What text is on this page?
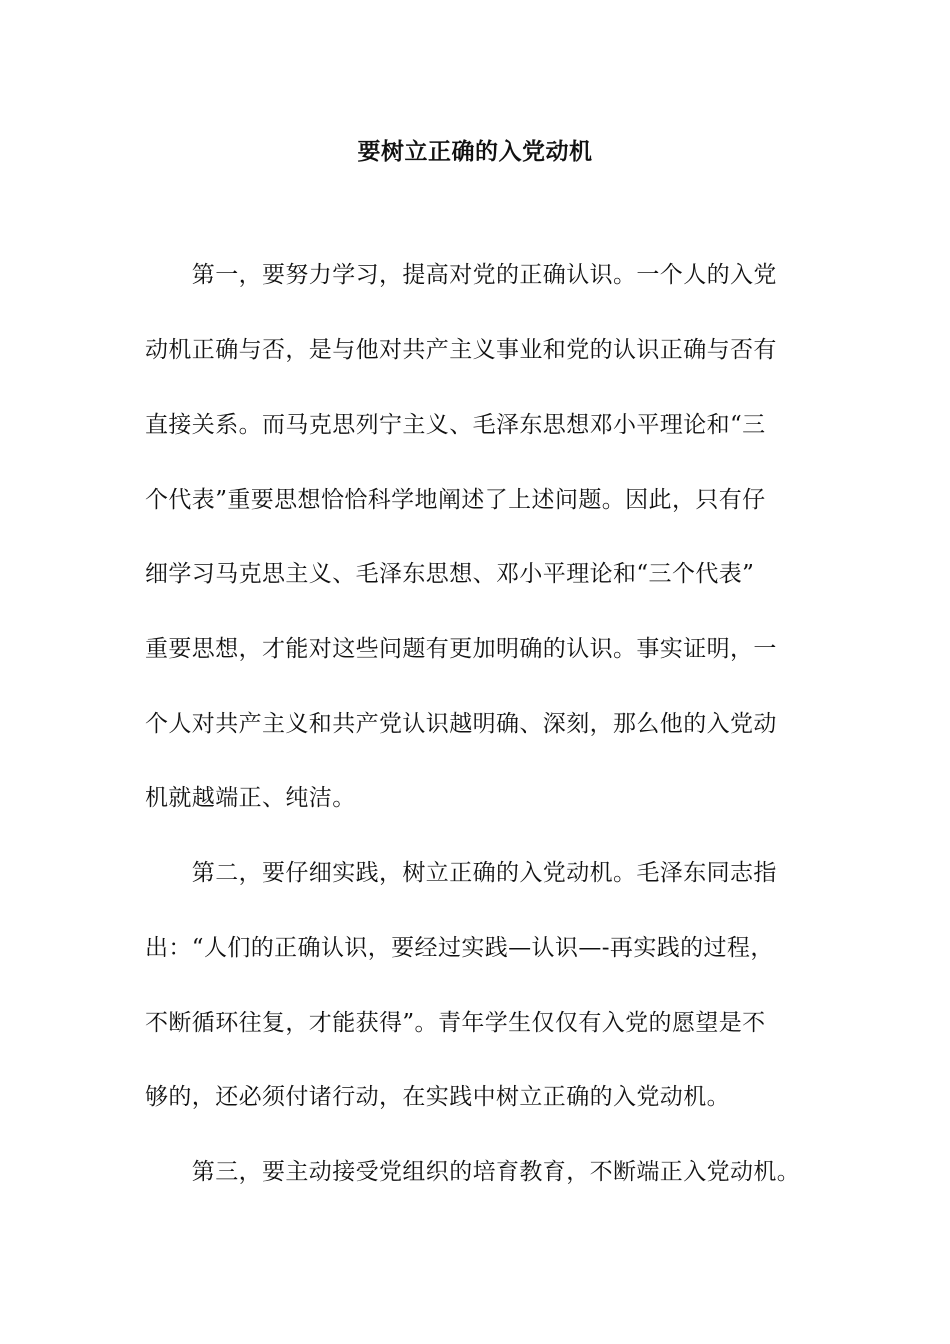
要树立正确的入党动机
　　第一，要努力学习，提高对党的正确认识。一个人的入党
动机正确与否，是与他对共产主义事业和党的认识正确与否有
直接关系。而马克思列宁主义、毛泽东思想邓小平理论和“三
个代表”重要思想恰恰科学地阐述了上述问题。因此，只有仔
细学习马克思主义、毛泽东思想、邓小平理论和“三个代表”
重要思想，才能对这些问题有更加明确的认识。事实证明，一
个人对共产主义和共产党认识越明确、深刻，那么他的入党动
机就越端正、纯洁。
　　第二，要仔细实践，树立正确的入党动机。毛泽东同志指
出：“人们的正确认识，要经过实践—认识—-再实践的过程，
不断循环往复，才能获得”。青年学生仅仅有入党的愿望是不
够的，还必须付诸行动，在实践中树立正确的入党动机。
　　第三，要主动接受党组织的培育教育，不断端正入党动机。
